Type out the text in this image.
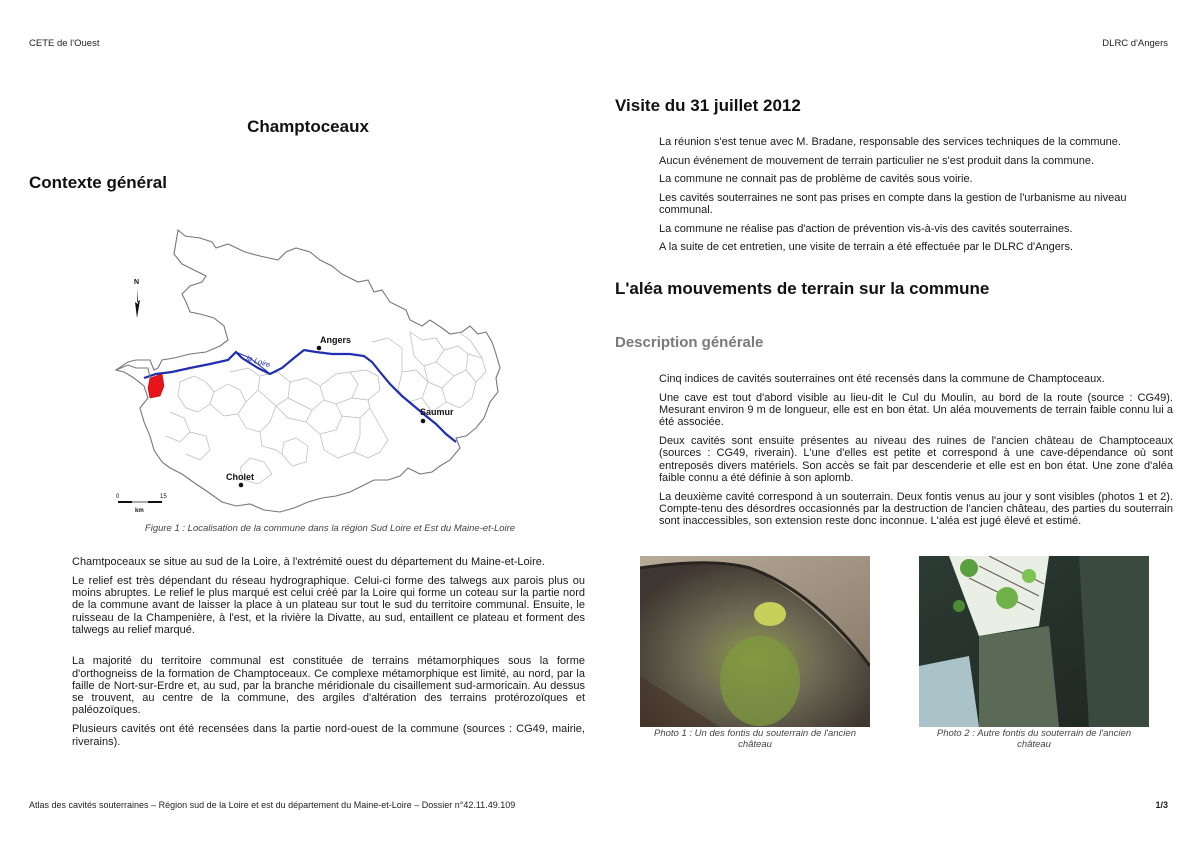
CETE de l'Ouest	DLRC d'Angers
Champtoceaux
Contexte général
Angers
Saumur
Cholet
la Loire
N
0	15
km
Figure 1 : Localisation de la commune dans la région Sud Loire et Est du Maine-et-Loire

Chamtpoceaux se situe au sud de la Loire, à l'extrémité ouest du département du Maine-et-Loire.

Le relief est très dépendant du réseau hydrographique. Celui-ci forme des talwegs aux parois plus ou moins abruptes. Le relief le plus marqué est celui créé par la Loire qui forme un coteau sur la partie nord de la commune avant de laisser la place à un plateau sur tout le sud du territoire communal. Ensuite, le ruisseau de la Champenière, à l'est, et la rivière la Divatte, au sud, entaillent ce plateau et forment des talwegs au relief marqué.

La majorité du territoire communal est constituée de terrains métamorphiques sous la forme d'orthogneiss de la formation de Champtoceaux. Ce complexe métamorphique est limité, au nord, par la faille de Nort-sur-Erdre et, au sud, par la branche méridionale du cisaillement sud-armoricain. Au dessus se trouvent, au centre de la commune, des argiles d'altération des terrains protérozoïques et paléozoïques.

Plusieurs cavités ont été recensées dans la partie nord-ouest de la commune (sources : CG49, mairie, riverains).

Visite du 31 juillet 2012

La réunion s'est tenue avec M. Bradane, responsable des services techniques de la commune.

Aucun événement de mouvement de terrain particulier ne s'est produit dans la commune.

La commune ne connait pas de problème de cavités sous voirie.

Les cavités souterraines ne sont pas prises en compte dans la gestion de l'urbanisme au niveau communal.

La commune ne réalise pas d'action de prévention vis-à-vis des cavités souterraines.

A la suite de cet entretien, une visite de terrain a été effectuée par le DLRC d'Angers.

L'aléa mouvements de terrain sur la commune
Description générale

Cinq indices de cavités souterraines ont été recensés dans la commune de Champtoceaux.

Une cave est tout d'abord visible au lieu-dit le Cul du Moulin, au bord de la route (source : CG49). Mesurant environ 9 m de longueur, elle est en bon état. Un aléa mouvements de terrain faible connu lui a été associée.

Deux cavités sont ensuite présentes au niveau des ruines de l'ancien château de Champtoceaux (sources : CG49, riverain). L'une d'elles est petite et correspond à une cave-dépendance où sont entreposés divers matériels. Son accès se fait par descenderie et elle est en bon état. Une zone d'aléa faible connu a été définie à son aplomb.

La deuxième cavité correspond à un souterrain. Deux fontis venus au jour y sont visibles (photos 1 et 2). Compte-tenu des désordres occasionnés par la destruction de l'ancien château, des parties du souterrain sont inaccessibles, son extension reste donc inconnue. L'aléa est jugé élevé et estimé.

Photo 1 : Un des fontis du souterrain de l'ancien château
Photo 2 : Autre fontis du souterrain de l'ancien château
Atlas des cavités souterraines – Région sud de la Loire et est du département du Maine-et-Loire – Dossier n°42.11.49.109	1/3
